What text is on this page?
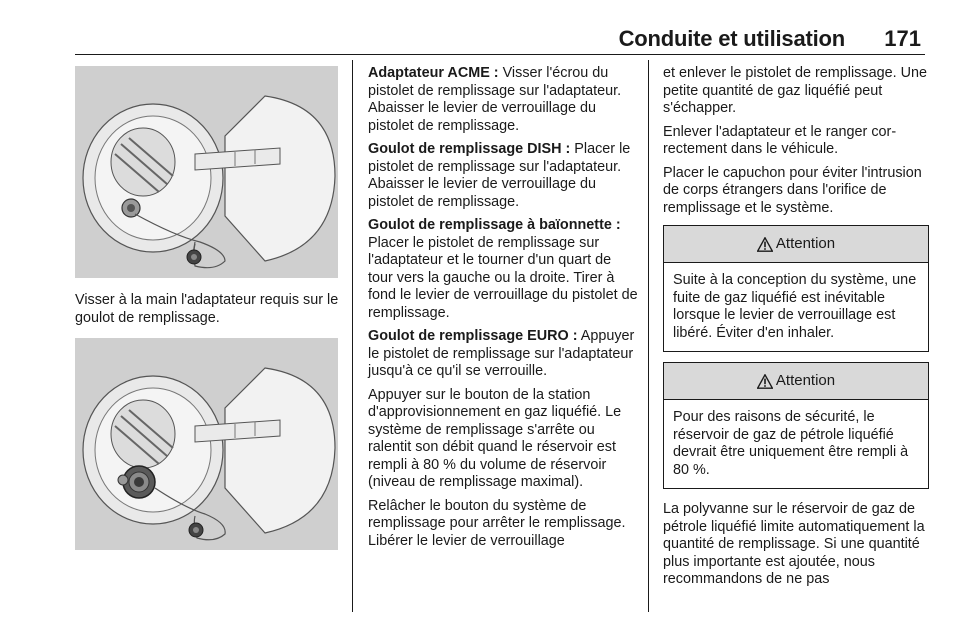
Conduite et utilisation 171
Visser à la main l'adaptateur requis sur le goulot de remplissage.

Adaptateur ACME : Visser l'écrou du pistolet de remplissage sur l'adaptateur. Abaisser le levier de verrouillage du pistolet de remplissage.

Goulot de remplissage DISH : Placer le pistolet de remplissage sur l'adaptateur. Abaisser le levier de verrouillage du pistolet de remplissage.

Goulot de remplissage à baïonnette : Placer le pistolet de remplissage sur l'adaptateur et le tourner d'un quart de tour vers la gauche ou la droite. Tirer à fond le levier de verrouillage du pistolet de remplissage.

Goulot de remplissage EURO : Appuyer le pistolet de remplissage sur l'adaptateur jusqu'à ce qu'il se verrouille.

Appuyer sur le bouton de la station d'approvisionnement en gaz liquéfié. Le système de remplissage s'arrête ou ralentit son débit quand le réservoir est rempli à 80 % du volume de réservoir (niveau de remplissage maximal).

Relâcher le bouton du système de remplissage pour arrêter le remplissage. Libérer le levier de verrouillage

et enlever le pistolet de remplissage. Une petite quantité de gaz liquéfié peut s'échapper.

Enlever l'adaptateur et le ranger correctement dans le véhicule.

Placer le capuchon pour éviter l'intrusion de corps étrangers dans l'orifice de remplissage et le système.

Attention
Suite à la conception du système, une fuite de gaz liquéfié est inévitable lorsque le levier de verrouillage est libéré. Éviter d'en inhaler.
Attention
Pour des raisons de sécurité, le réservoir de gaz de pétrole liquéfié devrait être uniquement être rempli à 80 %.

La polyvanne sur le réservoir de gaz de pétrole liquéfié limite automatiquement la quantité de remplissage. Si une quantité plus importante est ajoutée, nous recommandons de ne pas
